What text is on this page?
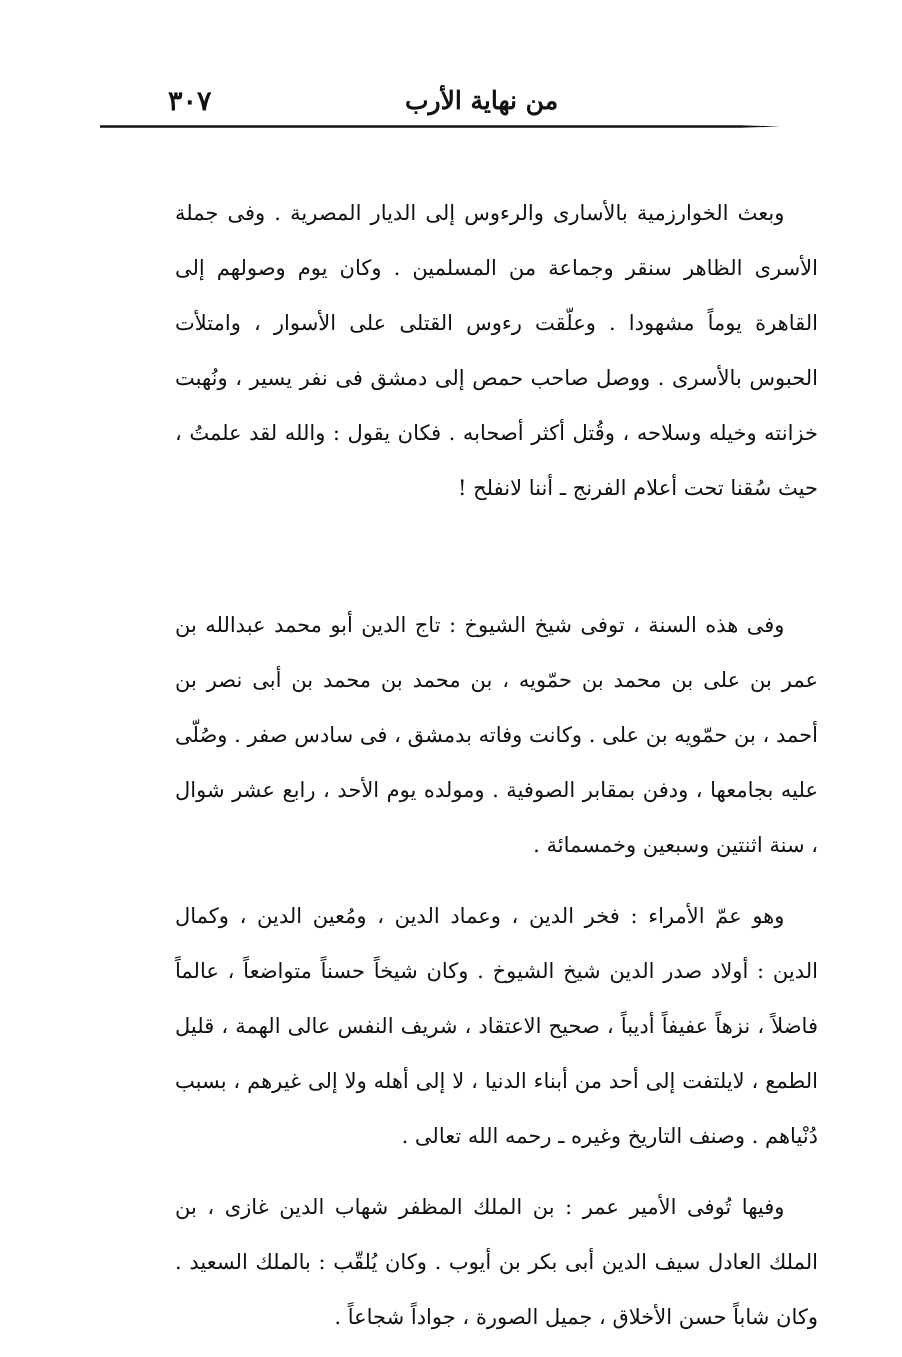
٣٠٧	من نهاية الأرب

وبعث الخوارزمية بالأسارى والرءوس إلى الديار المصرية . وفى جملة الأسرى الظاهر سنقر وجماعة من المسلمين . وكان يوم وصولهم إلى القاهرة يوماً مشهودا . وعلّقت رءوس القتلى على الأسوار ، وامتلأت الحبوس بالأسرى . ووصل صاحب حمص إلى دمشق فى نفر يسير ، ونُهبت خزانته وخيله وسلاحه ، وقُتل أكثر أصحابه . فكان يقول : والله لقد علمتُ ، حيث سُقنا تحت أعلام الفرنج ـ أننا لانفلح !

وفى هذه السنة ، توفى شيخ الشيوخ : تاج الدين أبو محمد عبدالله بن عمر بن على بن محمد بن حمّويه ، بن محمد بن محمد بن أبى نصر بن أحمد ، بن حمّويه بن على . وكانت وفاته بدمشق ، فى سادس صفر . وصُلّى عليه بجامعها ، ودفن بمقابر الصوفية . ومولده يوم الأحد ، رابع عشر شوال ، سنة اثنتين وسبعين وخمسمائة .

وهو عمّ الأمراء : فخر الدين ، وعماد الدين ، ومُعين الدين ، وكمال الدين : أولاد صدر الدين شيخ الشيوخ . وكان شيخاً حسناً متواضعاً ، عالماً فاضلاً ، نزهاً عفيفاً أديباً ، صحيح الاعتقاد ، شريف النفس عالى الهمة ، قليل الطمع ، لايلتفت إلى أحد من أبناء الدنيا ، لا إلى أهله ولا إلى غيرهم ، بسبب دُنْياهم . وصنف التاريخ وغيره ـ رحمه الله تعالى .

وفيها تُوفى الأمير عمر : بن الملك المظفر شهاب الدين غازى ، بن الملك العادل سيف الدين أبى بكر بن أيوب . وكان يُلقّب : بالملك السعيد . وكان شاباً حسن الأخلاق ، جميل الصورة ، جواداً شجاعاً .
